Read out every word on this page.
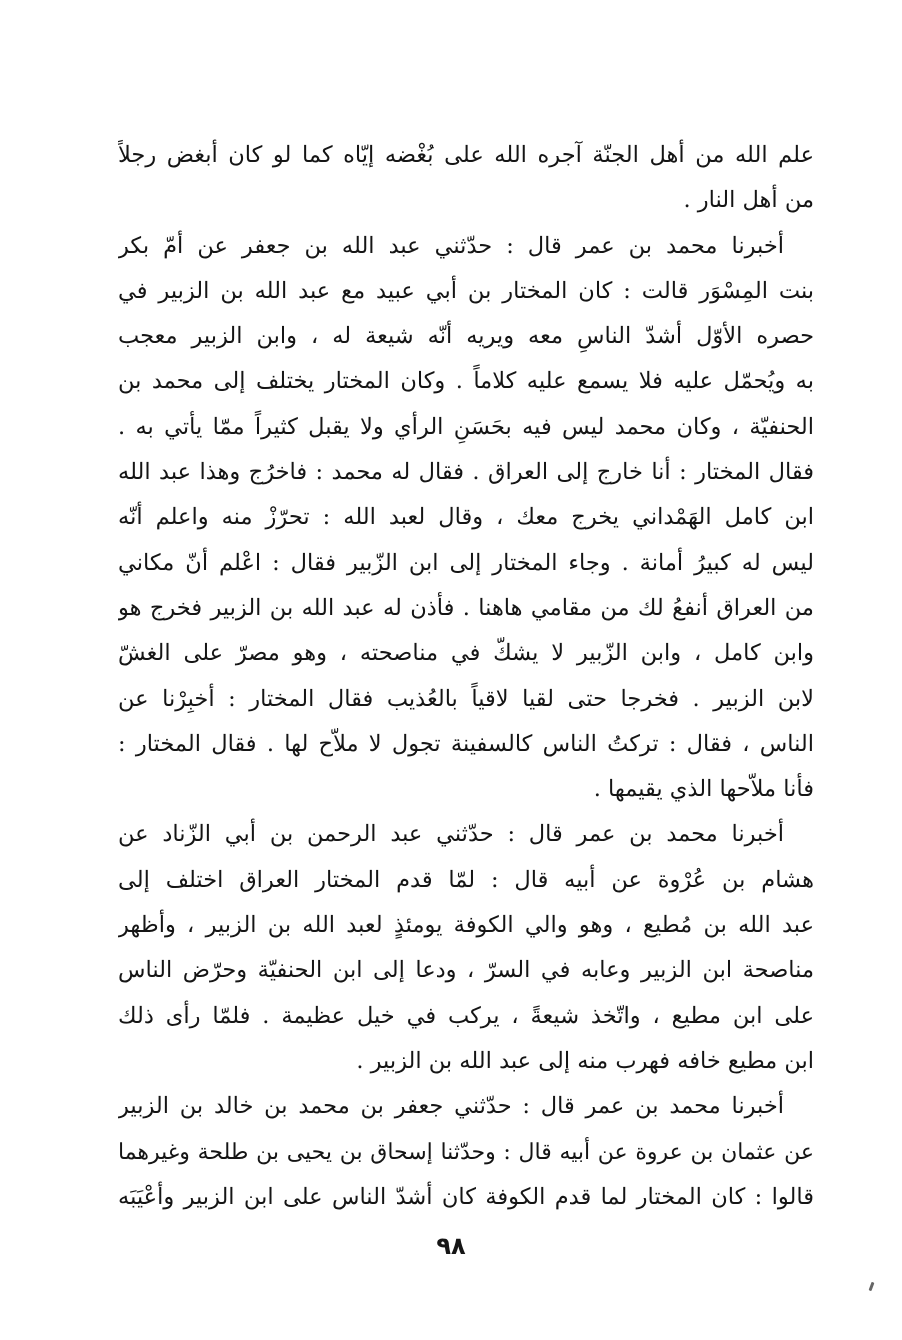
علم الله من أهل الجنّة آجره الله على بُغْضه إيّاه كما لو كان أبغض رجلاً
من أهل النار .
أخبرنا محمد بن عمر قال : حدّثني عبد الله بن جعفر عن أمّ بكر
بنت المِسْوَر قالت : كان المختار بن أبي عبيد مع عبد الله بن الزبير في
حصره الأوّل أشدّ الناسِ معه ويريه أنّه شيعة له ، وابن الزبير معجب
به ويُحمّل عليه فلا يسمع عليه كلاماً . وكان المختار يختلف إلى محمد بن
الحنفيّة ، وكان محمد ليس فيه بحَسَنِ الرأي ولا يقبل كثيراً ممّا يأتي به .
فقال المختار : أنا خارج إلى العراق . فقال له محمد : فاخرُج وهذا عبد الله
ابن كامل الهَمْداني يخرج معك ، وقال لعبد الله : تحرّزْ منه واعلم أنّه
ليس له كبيرُ أمانة . وجاء المختار إلى ابن الزّبير فقال : اعْلم أنّ مكاني
من العراق أنفعُ لك من مقامي هاهنا . فأذن له عبد الله بن الزبير فخرج هو
وابن كامل ، وابن الزّبير لا يشكّ في مناصحته ، وهو مصرّ على الغشّ
لابن الزبير . فخرجا حتى لقيا لاقياً بالعُذيب فقال المختار : أخبِرْنا عن
الناس ، فقال : تركتُ الناس كالسفينة تجول لا ملاّح لها . فقال المختار :
فأنا ملاّحها الذي يقيمها .
أخبرنا محمد بن عمر قال : حدّثني عبد الرحمن بن أبي الزّناد عن
هشام بن عُرْوة عن أبيه قال : لمّا قدم المختار العراق اختلف إلى
عبد الله بن مُطيع ، وهو والي الكوفة يومئذٍ لعبد الله بن الزبير ، وأظهر
مناصحة ابن الزبير وعابه في السرّ ، ودعا إلى ابن الحنفيّة وحرّض الناس
على ابن مطيع ، واتّخذ شيعةً ، يركب في خيل عظيمة . فلمّا رأى ذلك
ابن مطيع خافه فهرب منه إلى عبد الله بن الزبير .
أخبرنا محمد بن عمر قال : حدّثني جعفر بن محمد بن خالد بن الزبير
عن عثمان بن عروة عن أبيه قال : وحدّثنا إسحاق بن يحيى بن طلحة وغيرهما
قالوا : كان المختار لما قدم الكوفة كان أشدّ الناس على ابن الزبير وأعْيَبَه
٩٨
